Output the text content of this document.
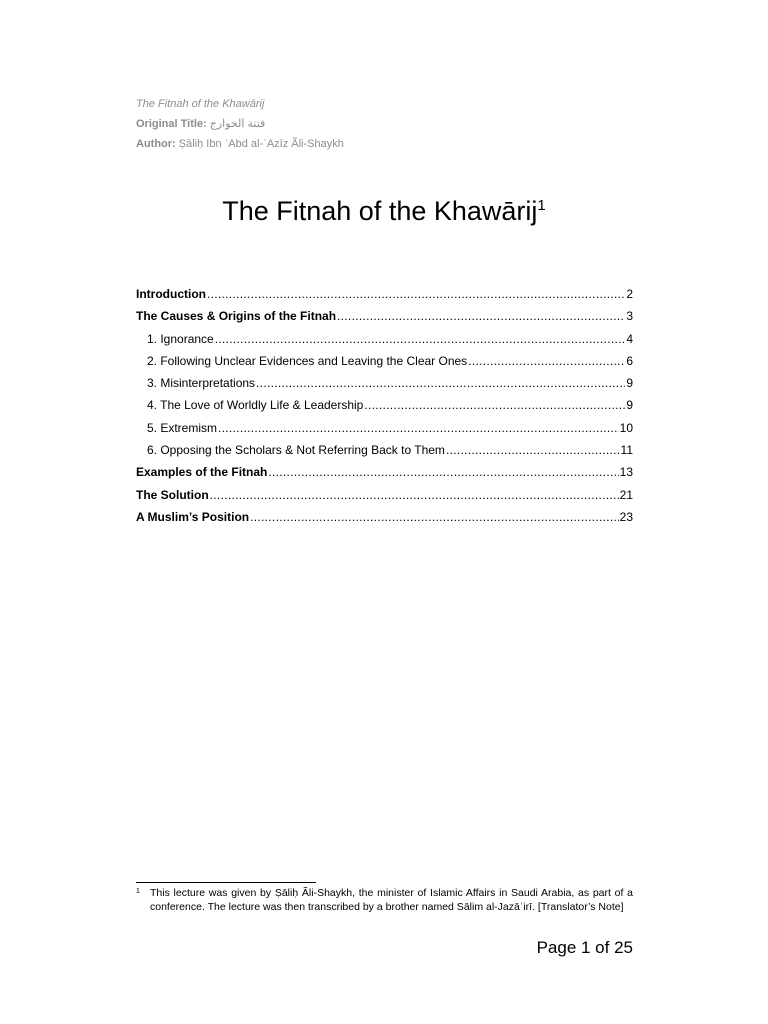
The Fitnah of the Khawārij
Original Title: فتنة الخوارج
Author: Ṣāliḥ Ibn ʿAbd al-ʿAzīz Ãli-Shaykh
The Fitnah of the Khawārij$^1$
Introduction .....	2
The Causes & Origins of the Fitnah .....	3
1. Ignorance .....	4
2. Following Unclear Evidences and Leaving the Clear Ones .....	6
3. Misinterpretations .....	9
4. The Love of Worldly Life & Leadership .....	9
5. Extremism .....	10
6. Opposing the Scholars & Not Referring Back to Them .....	11
Examples of the Fitnah .....	13
The Solution .....	21
A Muslim’s Position .....	23
1 This lecture was given by Ṣāliḥ Ãli-Shaykh, the minister of Islamic Affairs in Saudi Arabia, as part of a conference. The lecture was then transcribed by a brother named Sālim al-Jazāʾirī. [Translator’s Note]
Page 1 of 25
